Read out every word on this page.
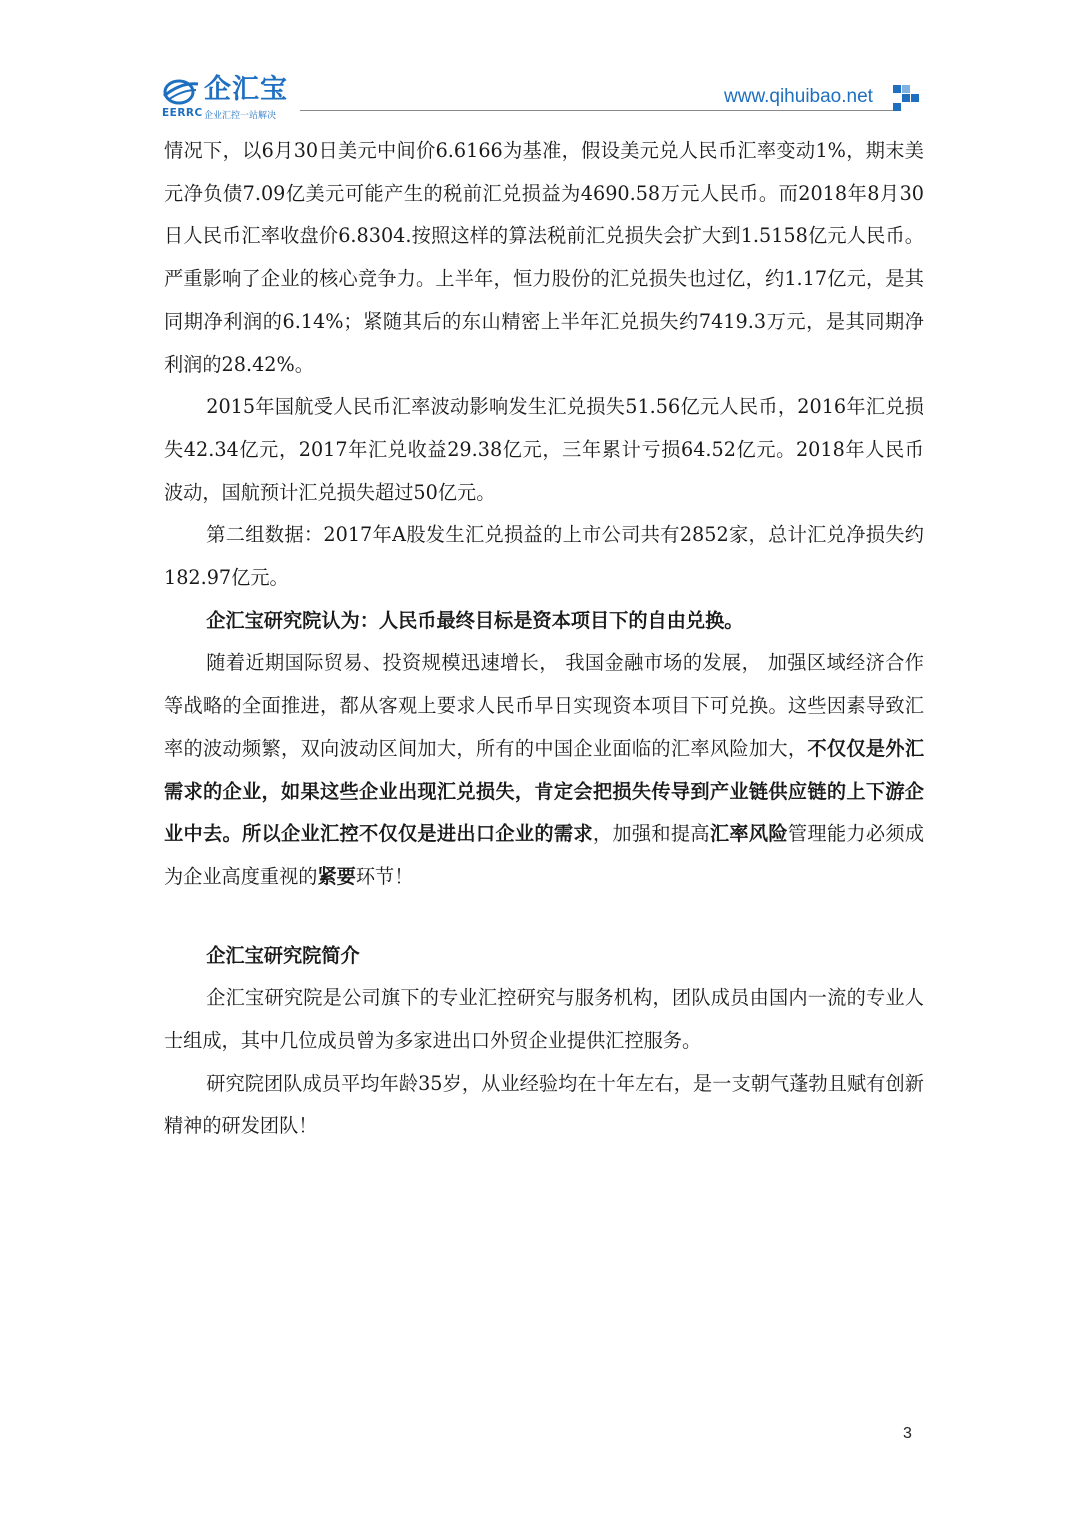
企汇宝
EERRC 企业汇控一站解决
www.qihuibao.net

情况下，以6月30日美元中间价6.6166为基准，假设美元兑人民币汇率变动1%，期末美元净负债7.09亿美元可能产生的税前汇兑损益为4690.58万元人民币。而2018年8月30日人民币汇率收盘价6.8304.按照这样的算法税前汇兑损失会扩大到1.5158亿元人民币。严重影响了企业的核心竞争力。上半年，恒力股份的汇兑损失也过亿，约1.17亿元，是其同期净利润的6.14%；紧随其后的东山精密上半年汇兑损失约7419.3万元，是其同期净利润的28.42%。

2015年国航受人民币汇率波动影响发生汇兑损失51.56亿元人民币，2016年汇兑损失42.34亿元，2017年汇兑收益29.38亿元，三年累计亏损64.52亿元。2018年人民币波动，国航预计汇兑损失超过50亿元。

第二组数据：2017年A股发生汇兑损益的上市公司共有2852家，总计汇兑净损失约182.97亿元。

企汇宝研究院认为：人民币最终目标是资本项目下的自由兑换。

随着近期国际贸易、投资规模迅速增长， 我国金融市场的发展， 加强区域经济合作等战略的全面推进，都从客观上要求人民币早日实现资本项目下可兑换。这些因素导致汇率的波动频繁，双向波动区间加大，所有的中国企业面临的汇率风险加大，不仅仅是外汇需求的企业，如果这些企业出现汇兑损失，肯定会把损失传导到产业链供应链的上下游企业中去。所以企业汇控不仅仅是进出口企业的需求，加强和提高汇率风险管理能力必须成为企业高度重视的紧要环节！

企汇宝研究院简介

企汇宝研究院是公司旗下的专业汇控研究与服务机构，团队成员由国内一流的专业人士组成，其中几位成员曾为多家进出口外贸企业提供汇控服务。

研究院团队成员平均年龄35岁，从业经验均在十年左右，是一支朝气蓬勃且赋有创新精神的研发团队！

3
